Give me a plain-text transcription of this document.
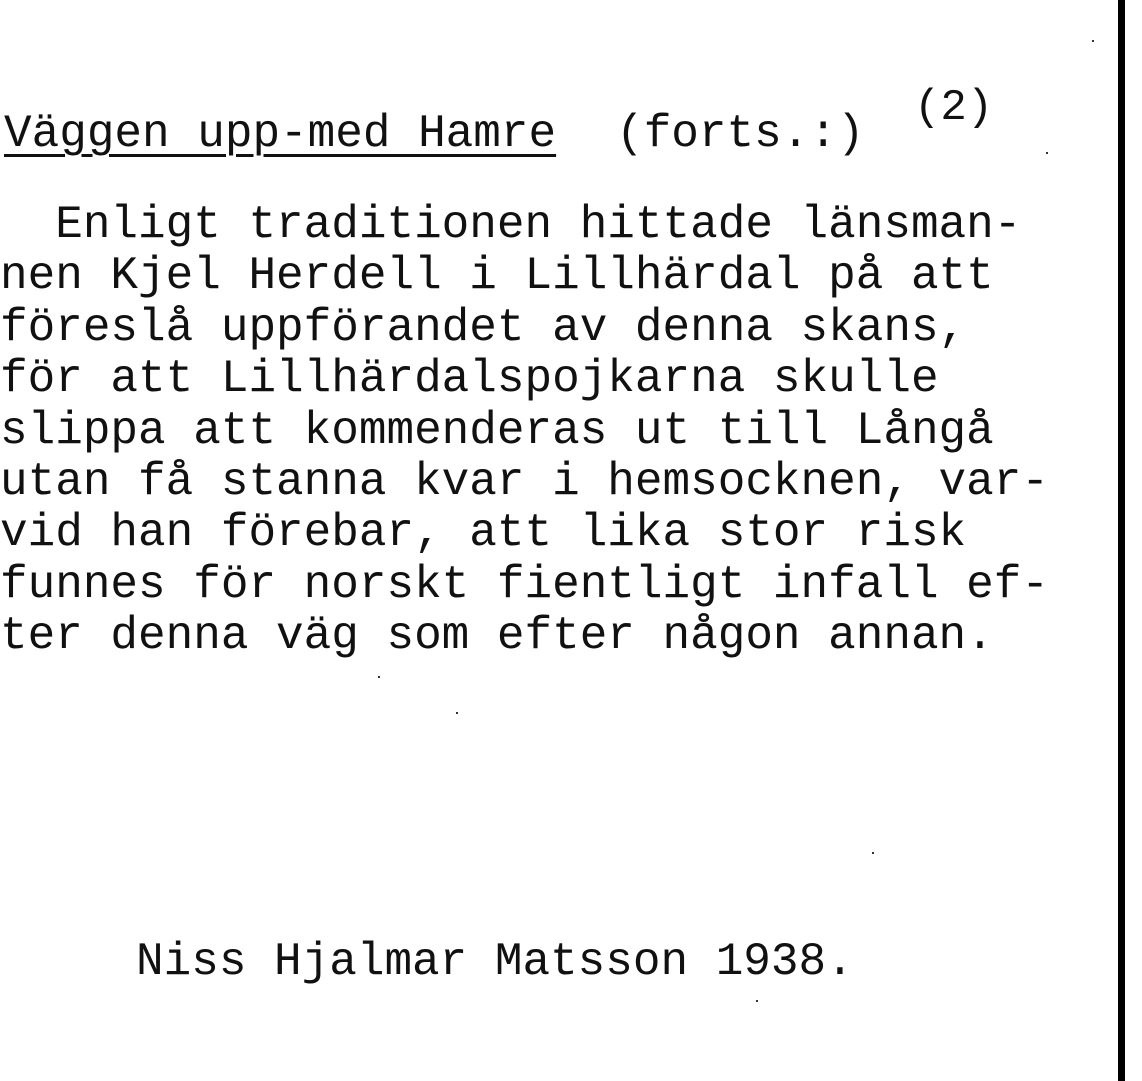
Väggen upp-med Hamre (forts.:) (2)
Enligt traditionen hittade länsman-
nen Kjel Herdell i Lillhärdal på att
föreslå uppförandet av denna skans,
för att Lillhärdalspojkarna skulle
slippa att kommenderas ut till Långå
utan få stanna kvar i hemsocknen, var-
vid han förebar, att lika stor risk
funnes för norskt fientligt infall ef-
ter denna väg som efter någon annan.
Niss Hjalmar Matsson 1938.
